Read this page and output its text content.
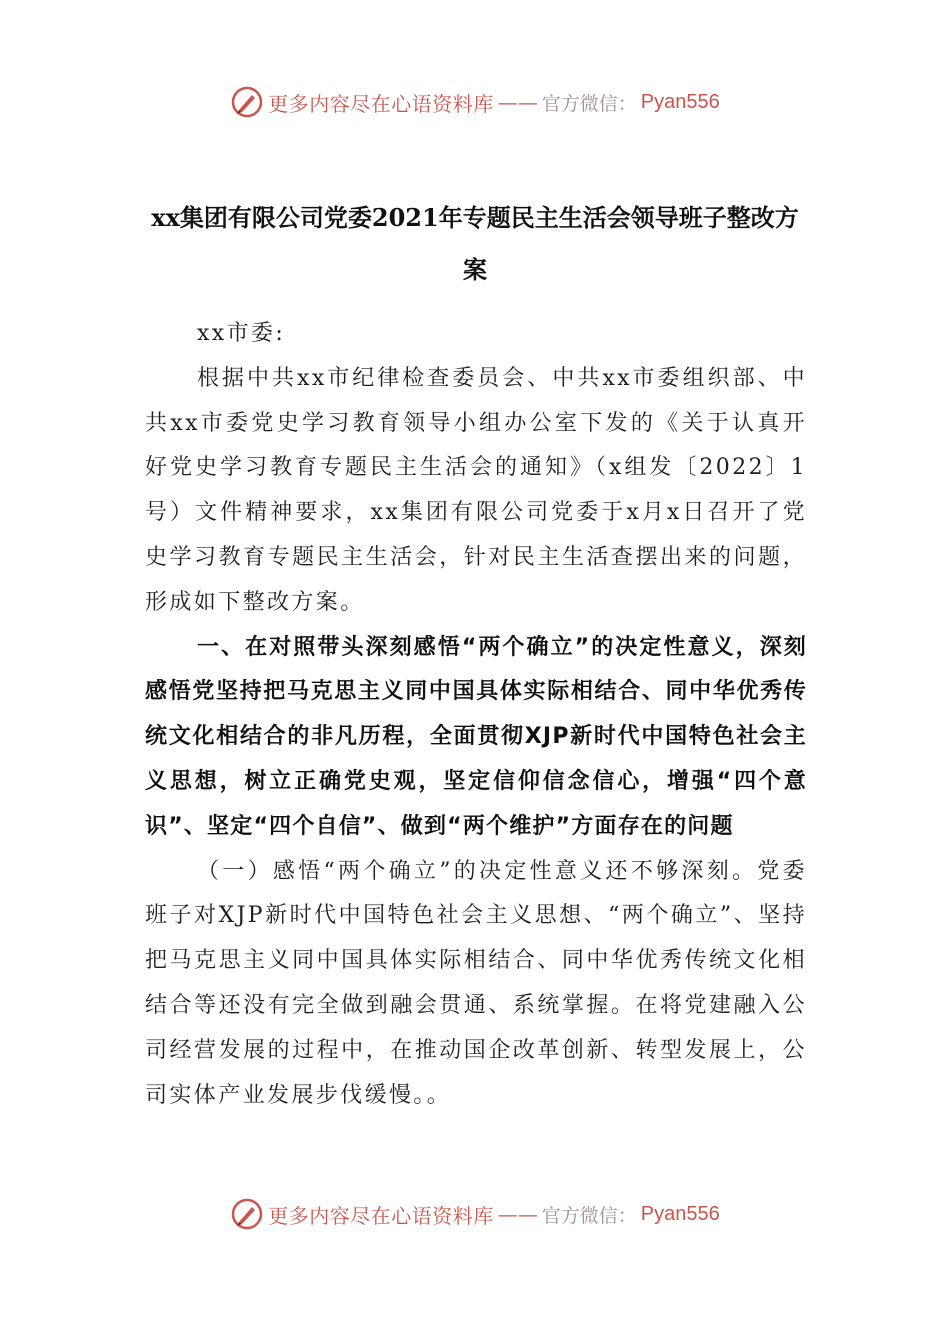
更多内容尽在心语资料库 —— 官方微信： Pyan556
xx集团有限公司党委2021年专题民主生活会领导班子整改方案

xx市委:

根据中共xx市纪律检查委员会、中共xx市委组织部、中共xx市委党史学习教育领导小组办公室下发的《关于认真开好党史学习教育专题民主生活会的通知》（x组发〔2022〕1号）文件精神要求，xx集团有限公司党委于x月x日召开了党史学习教育专题民主生活会，针对民主生活查摆出来的问题，形成如下整改方案。

一、在对照带头深刻感悟“两个确立”的决定性意义，深刻感悟党坚持把马克思主义同中国具体实际相结合、同中华优秀传统文化相结合的非凡历程，全面贯彻XJP新时代中国特色社会主义思想，树立正确党史观，坚定信仰信念信心，增强“四个意识”、坚定“四个自信”、做到“两个维护”方面存在的问题

（一）感悟“两个确立”的决定性意义还不够深刻。党委班子对XJP新时代中国特色社会主义思想、“两个确立”、坚持把马克思主义同中国具体实际相结合、同中华优秀传统文化相结合等还没有完全做到融会贯通、系统掌握。在将党建融入公司经营发展的过程中，在推动国企改革创新、转型发展上，公司实体产业发展步伐缓慢。。

更多内容尽在心语资料库 —— 官方微信： Pyan556
